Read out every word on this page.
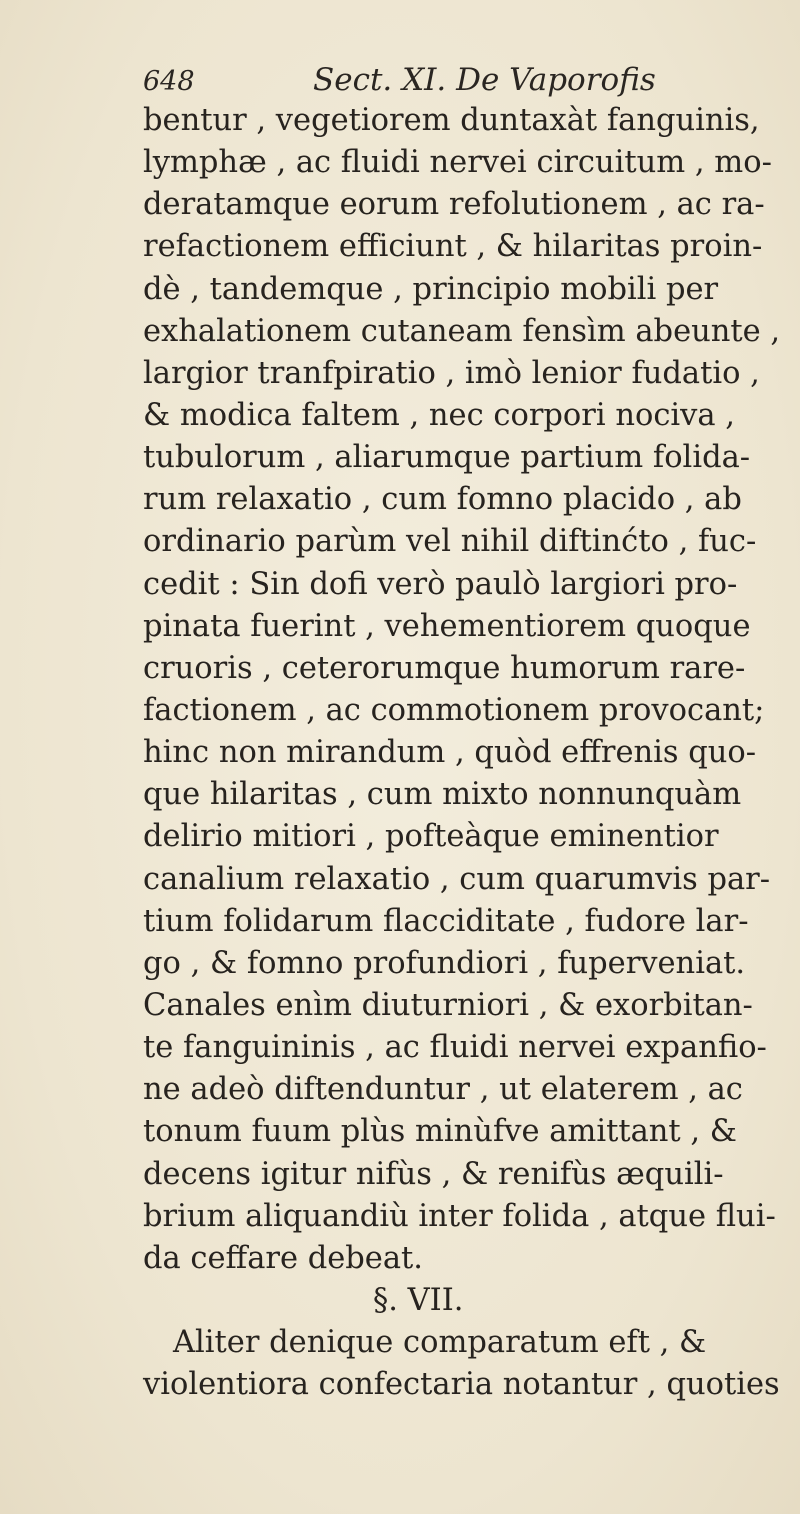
648	Sect. XI. De Vaporofis
bentur , vegetiorem duntaxàt fanguinis,
lymphæ , ac fluidi nervei circuitum , mo-
deratamque eorum refolutionem , ac ra-
refactionem efficiunt , & hilaritas proin-
dè , tandemque , principio mobili per
exhalationem cutaneam fensìm abeunte ,
largior tranfpiratio , imò lenior fudatio ,
& modica faltem , nec corpori nociva ,
tubulorum , aliarumque partium folida-
rum relaxatio , cum fomno placido , ab
ordinario parùm vel nihil diftinćto , fuc-
cedit : Sin dofi verò paulò largiori pro-
pinata fuerint , vehementiorem quoque
cruoris , ceterorumque humorum rare-
factionem , ac commotionem provocant;
hinc non mirandum , quòd effrenis quo-
que hilaritas , cum mixto nonnunquàm
delirio mitiori , pofteàque eminentior
canalium relaxatio , cum quarumvis par-
tium folidarum flacciditate , fudore lar-
go , & fomno profundiori , fuperveniat.
Canales enìm diuturniori , & exorbitan-
te fanguininis , ac fluidi nervei expanfio-
ne adeò diftenduntur , ut elaterem , ac
tonum fuum plùs minùfve amittant , &
decens igitur nifùs , & renifùs æquili-
brium aliquandiù inter folida , atque flui-
da ceffare debeat.
§. VII.
Aliter denique comparatum eft , &
violentiora confectaria notantur , quoties
